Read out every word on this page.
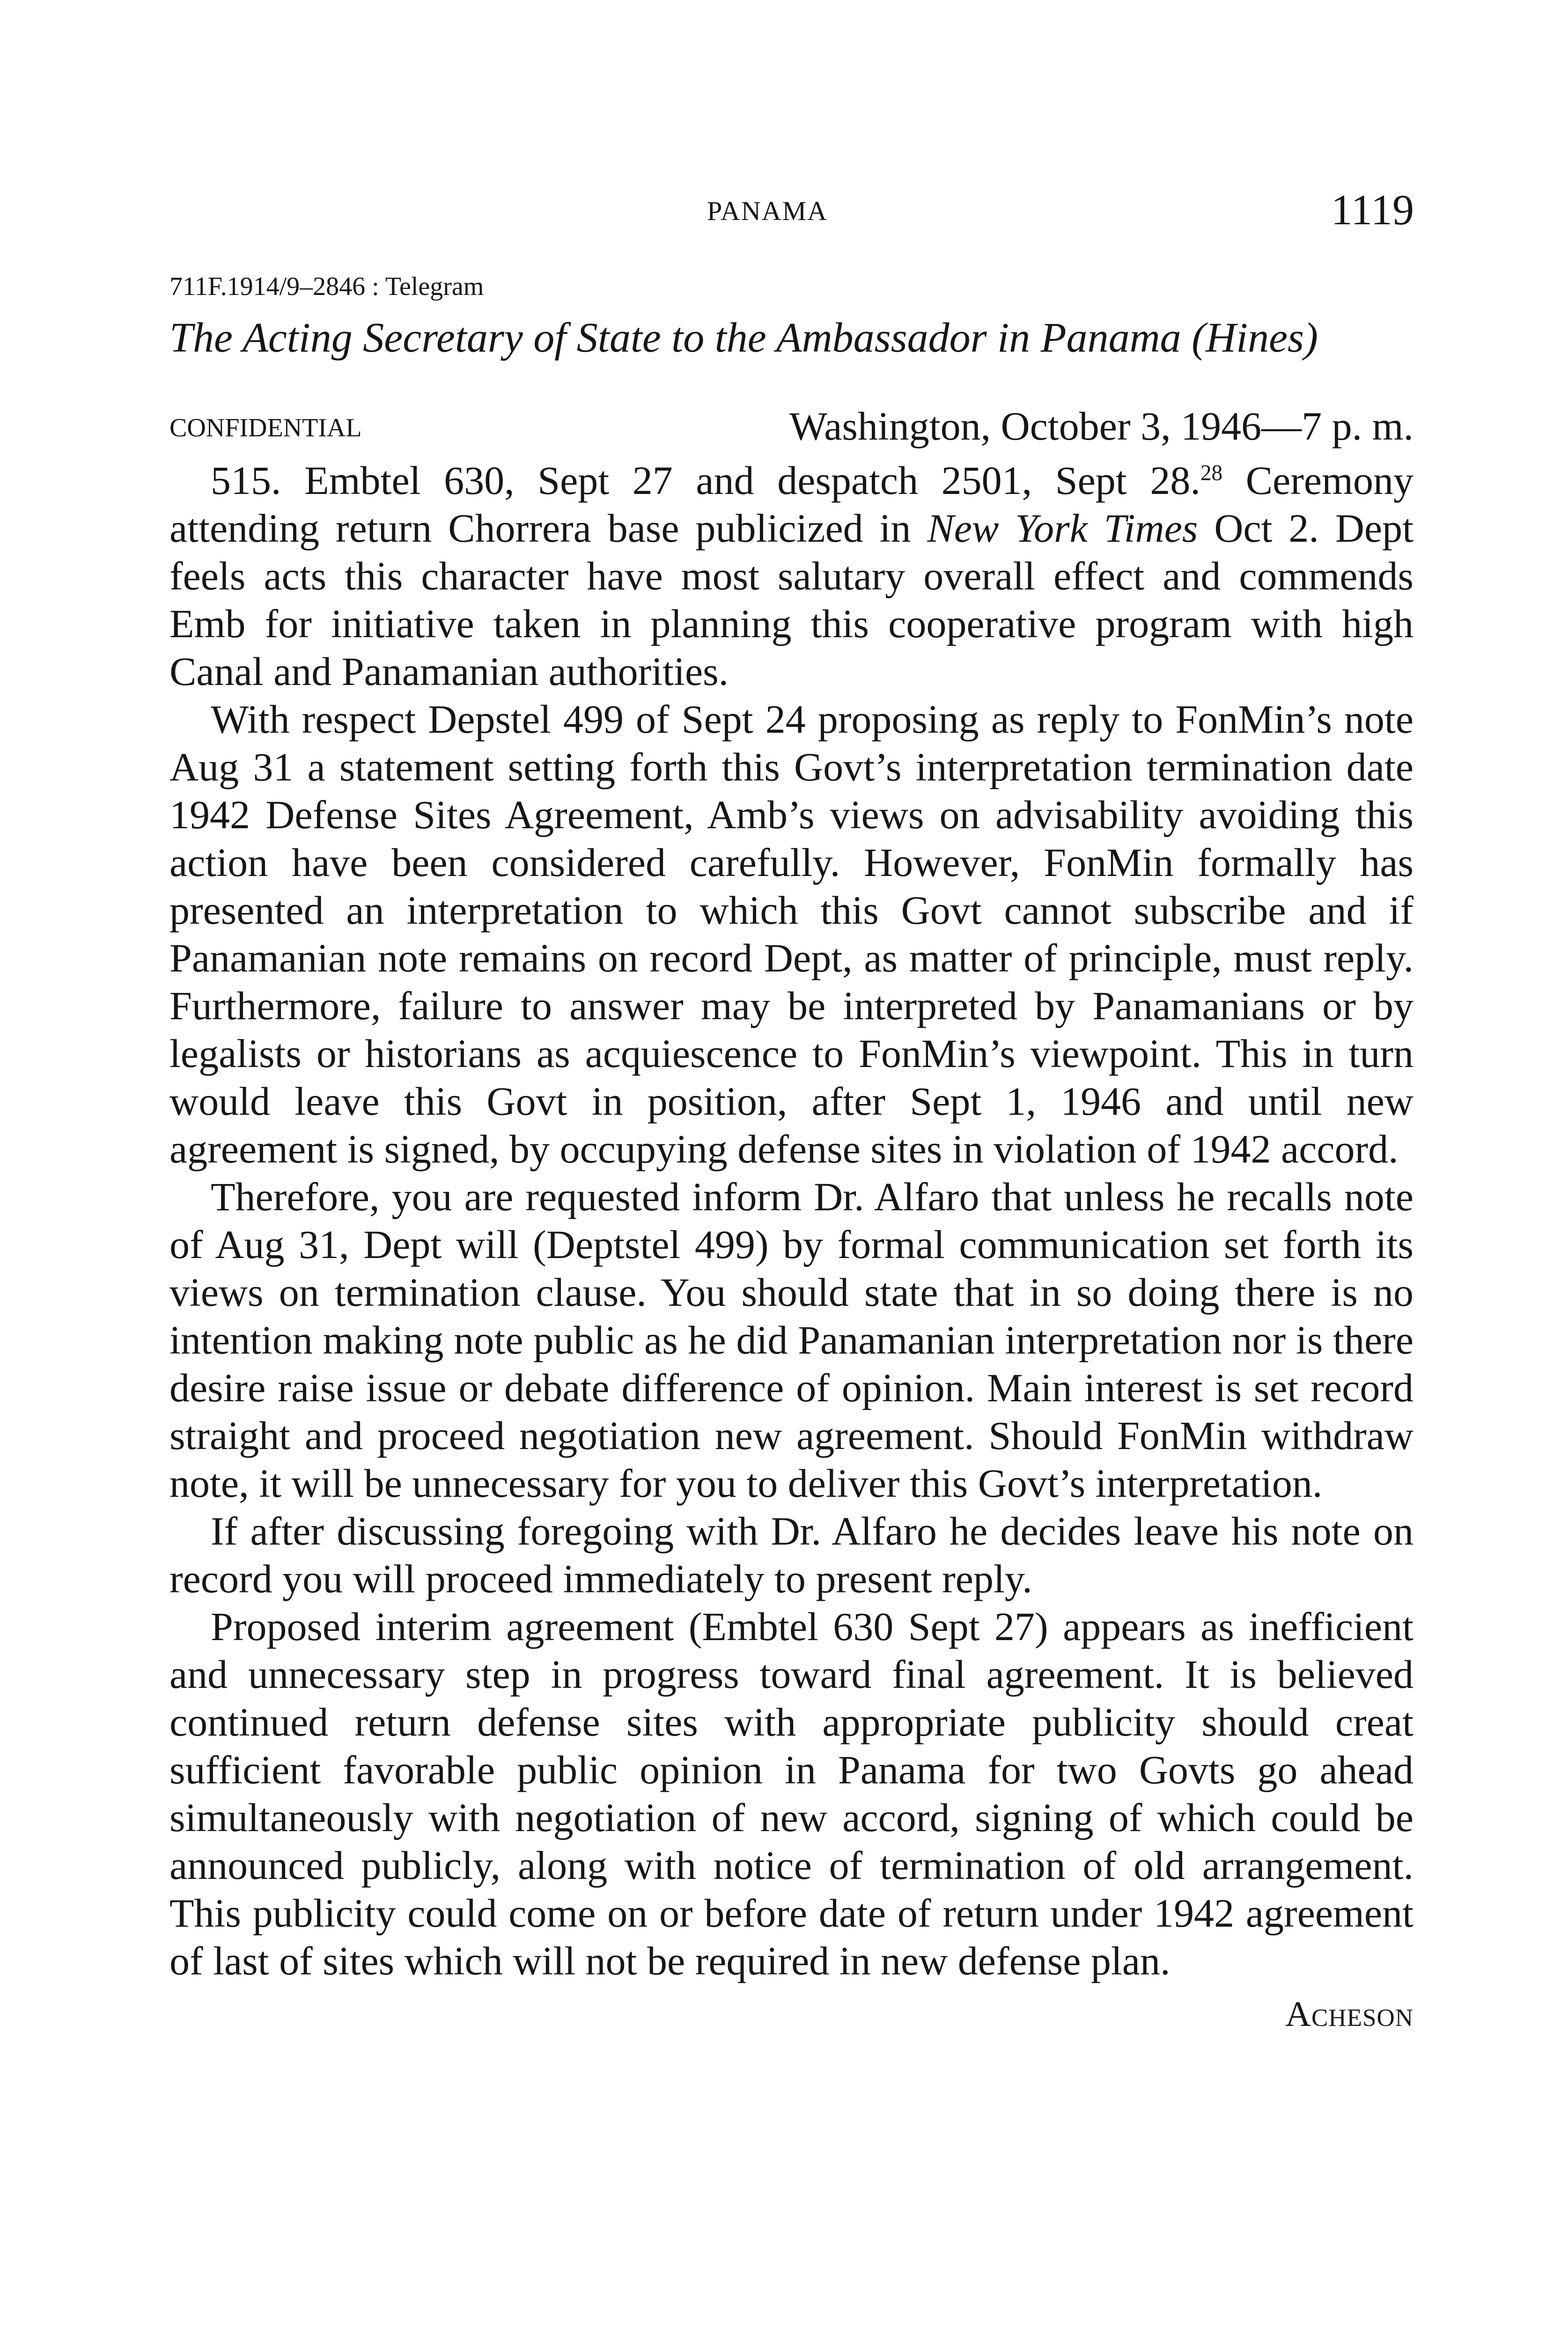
PANAMA	1119
711F.1914/9–2846 : Telegram
The Acting Secretary of State to the Ambassador in Panama (Hines)
CONFIDENTIAL	Washington, October 3, 1946—7 p. m.

515. Embtel 630, Sept 27 and despatch 2501, Sept 28.28 Ceremony attending return Chorrera base publicized in New York Times Oct 2. Dept feels acts this character have most salutary overall effect and commends Emb for initiative taken in planning this cooperative program with high Canal and Panamanian authorities.

With respect Depstel 499 of Sept 24 proposing as reply to FonMin’s note Aug 31 a statement setting forth this Govt’s interpretation termination date 1942 Defense Sites Agreement, Amb’s views on advisability avoiding this action have been considered carefully. However, FonMin formally has presented an interpretation to which this Govt cannot subscribe and if Panamanian note remains on record Dept, as matter of principle, must reply. Furthermore, failure to answer may be interpreted by Panamanians or by legalists or historians as acquiescence to FonMin’s viewpoint. This in turn would leave this Govt in position, after Sept 1, 1946 and until new agreement is signed, by occupying defense sites in violation of 1942 accord.

Therefore, you are requested inform Dr. Alfaro that unless he recalls note of Aug 31, Dept will (Deptstel 499) by formal communication set forth its views on termination clause. You should state that in so doing there is no intention making note public as he did Panamanian interpretation nor is there desire raise issue or debate difference of opinion. Main interest is set record straight and proceed negotiation new agreement. Should FonMin withdraw note, it will be unnecessary for you to deliver this Govt’s interpretation.

If after discussing foregoing with Dr. Alfaro he decides leave his note on record you will proceed immediately to present reply.

Proposed interim agreement (Embtel 630 Sept 27) appears as inefficient and unnecessary step in progress toward final agreement. It is believed continued return defense sites with appropriate publicity should creat sufficient favorable public opinion in Panama for two Govts go ahead simultaneously with negotiation of new accord, signing of which could be announced publicly, along with notice of termination of old arrangement. This publicity could come on or before date of return under 1942 agreement of last of sites which will not be required in new defense plan.

Acheson
